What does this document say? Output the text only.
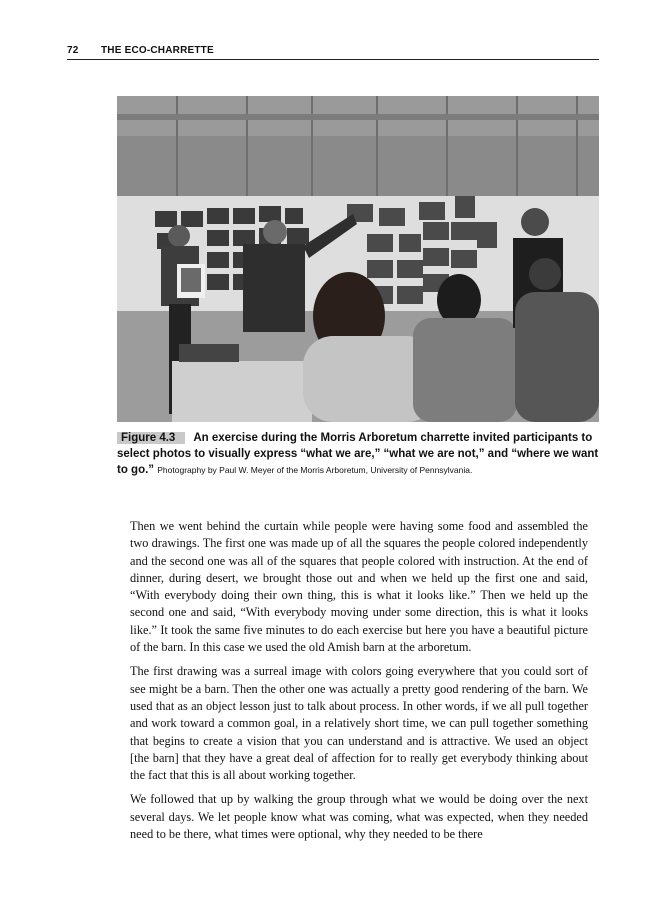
72 THE ECO-CHARRETTE
Figure 4.3 An exercise during the Morris Arboretum charrette invited participants to select photos to visually express “what we are,” “what we are not,” and “where we want to go.” Photography by Paul W. Meyer of the Morris Arboretum, University of Pennsylvania.

Then we went behind the curtain while people were having some food and assembled the two drawings. The first one was made up of all the squares the people colored independently and the second one was all of the squares that people colored with instruction. At the end of dinner, during desert, we brought those out and when we held up the first one and said, “With everybody doing their own thing, this is what it looks like.” Then we held up the second one and said, “With everybody moving under some direction, this is what it looks like.” It took the same five minutes to do each exercise but here you have a beautiful picture of the barn. In this case we used the old Amish barn at the arboretum.

The first drawing was a surreal image with colors going everywhere that you could sort of see might be a barn. Then the other one was actually a pretty good rendering of the barn. We used that as an object lesson just to talk about process. In other words, if we all pull together and work toward a common goal, in a relatively short time, we can pull together something that begins to create a vision that you can understand and is attractive. We used an object [the barn] that they have a great deal of affection for to really get everybody thinking about the fact that this is all about working together.

We followed that up by walking the group through what we would be doing over the next several days. We let people know what was coming, what was expected, when they needed need to be there, what times were optional, why they needed to be there
